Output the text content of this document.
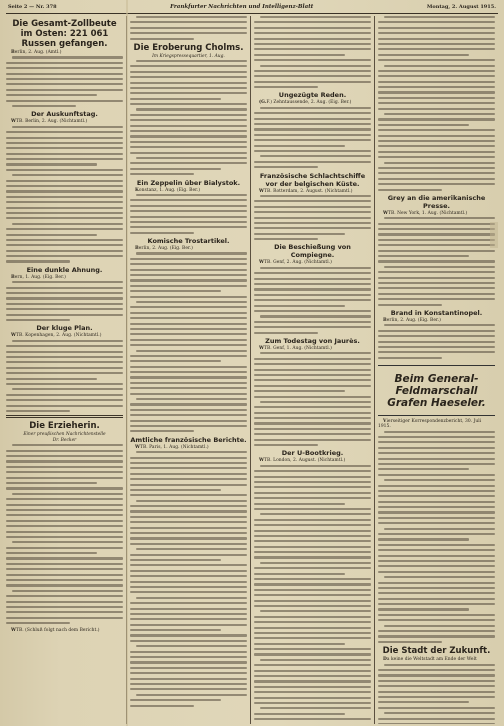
Seite 2 — Nr. 378	Frankfurter Nachrichten und Intelligenz-Blatt	Montag, 2. August 1915.
Die Gesamt-Zollbeute im Osten: 221 061 Russen gefangen.
Berlin, 2. Aug. (Amtl.)
Der Auskunftstag.
WTB. Berlin, 2. Aug. (Nichtamtl.)
Eine dunkle Ahnung.
Bern, 1. Aug. (Eig. Ber.)
Der kluge Plan.
WTB. Kopenhagen, 2. Aug. (Nichtamtl.)
Die Erzieherin.
Einer preußischen Nachrichtenstelle
Dr. Becker
WTB. (Schluß folgt nach dem Bericht.)
Die Eroberung Cholms.
Im Kriegspressequartier, 1. Aug.
Ein Zeppelin über Bialystok.
Konstanz, 1. Aug. (Eig. Ber.)
Komische Trostartikel.
Berlin, 2. Aug. (Eig. Ber.)
Amtliche französische Berichte.
WTB. Paris, 1. Aug. (Nichtamtl.)
Ungezügte Reden.
(G.F.) Zehntaussende, 2. Aug. (Eig. Ber.)
Französische Schlachtschiffe vor der belgischen Küste.
WTB. Rotterdam, 2. August. (Nichtamtl.)
Die Beschießung von Compiegne.
WTB. Genf, 2. Aug. (Nichtamtl.)
Zum Todestag von Jaurès.
WTB. Genf, 1. Aug. (Nichtamtl.)
Der U-Bootkrieg.
WTB. London, 2. August. (Nichtamtl.)
Grey an die amerikanische Presse.
WTB. New York, 1. Aug. (Nichtamtl.)
Brand in Konstantinopel.
Berlin, 2. Aug. (Eig. Ber.)
Beim General-Feldmarschall Grafen Haeseler.
Vierseitiger Korrespondenzbericht, 30. Juli 1915.
Die Stadt der Zukunft.
Da keine die Weltstadt am Ende der Welt
